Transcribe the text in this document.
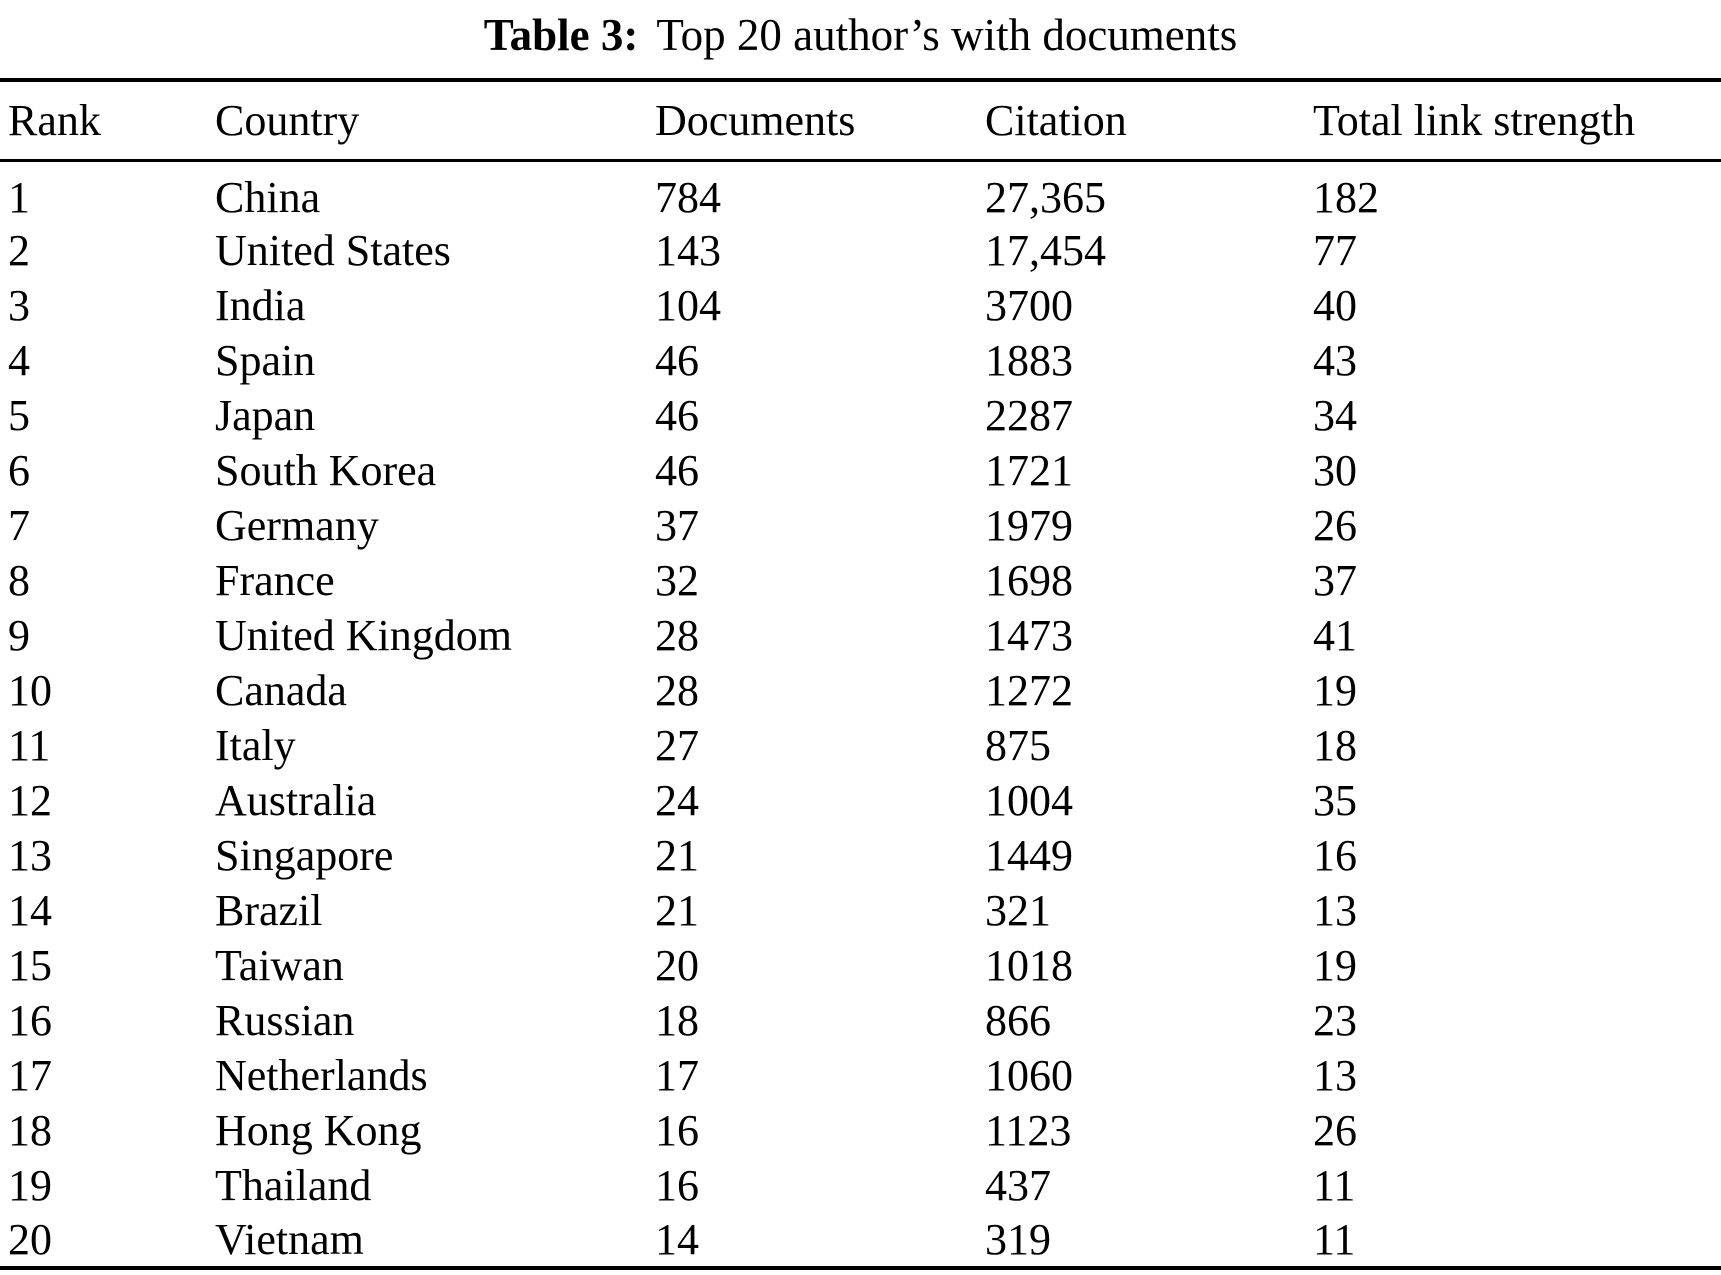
Table 3: Top 20 author’s with documents
Rank	Country	Documents	Citation	Total link strength
1	China	784	27,365	182
2	United States	143	17,454	77
3	India	104	3700	40
4	Spain	46	1883	43
5	Japan	46	2287	34
6	South Korea	46	1721	30
7	Germany	37	1979	26
8	France	32	1698	37
9	United Kingdom	28	1473	41
10	Canada	28	1272	19
11	Italy	27	875	18
12	Australia	24	1004	35
13	Singapore	21	1449	16
14	Brazil	21	321	13
15	Taiwan	20	1018	19
16	Russian	18	866	23
17	Netherlands	17	1060	13
18	Hong Kong	16	1123	26
19	Thailand	16	437	11
20	Vietnam	14	319	11
